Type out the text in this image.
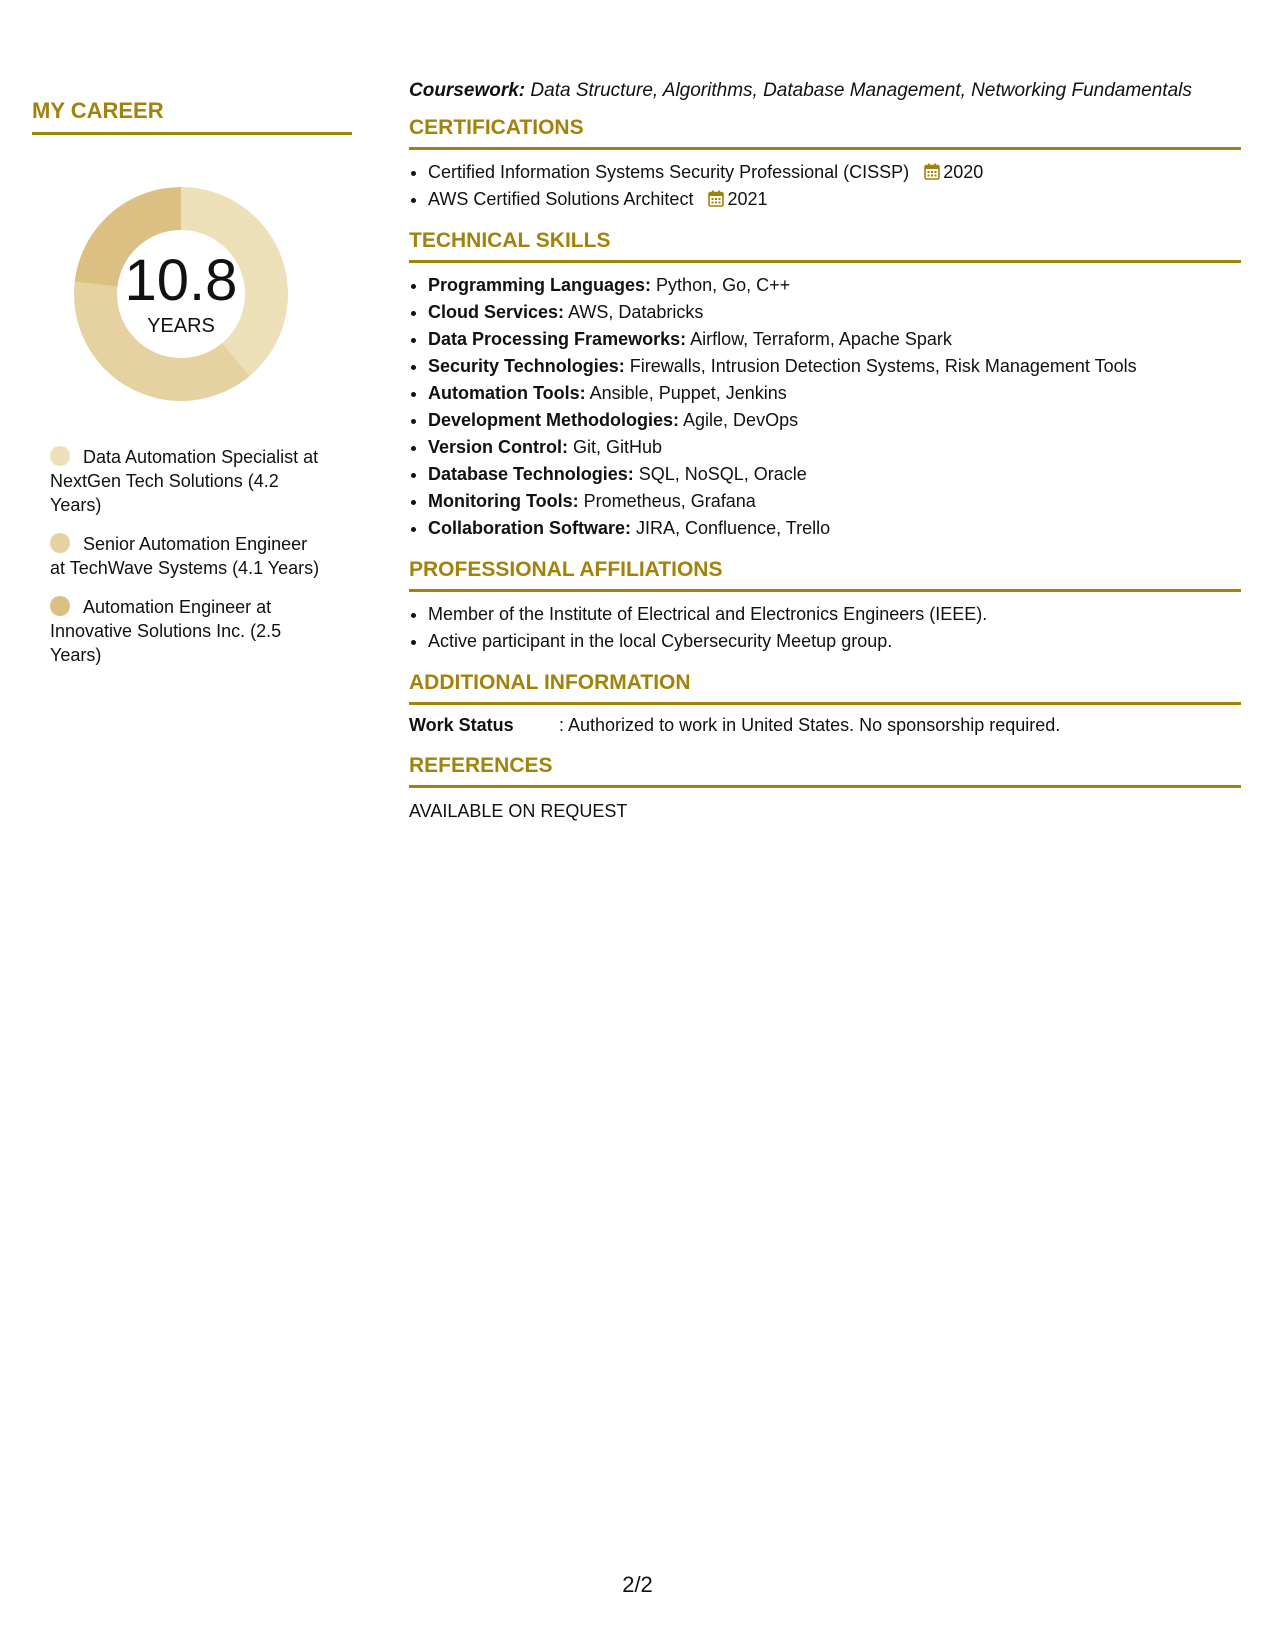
MY CAREER
10.8
YEARS
Data Automation Specialist at NextGen Tech Solutions (4.2 Years)
Senior Automation Engineer at TechWave Systems (4.1 Years)
Automation Engineer at Innovative Solutions Inc. (2.5 Years)

Coursework: Data Structure, Algorithms, Database Management, Networking Fundamentals

CERTIFICATIONS
• Certified Information Systems Security Professional (CISSP) 2020
• AWS Certified Solutions Architect 2021
TECHNICAL SKILLS
• Programming Languages: Python, Go, C++
• Cloud Services: AWS, Databricks
• Data Processing Frameworks: Airflow, Terraform, Apache Spark
• Security Technologies: Firewalls, Intrusion Detection Systems, Risk Management Tools
• Automation Tools: Ansible, Puppet, Jenkins
• Development Methodologies: Agile, DevOps
• Version Control: Git, GitHub
• Database Technologies: SQL, NoSQL, Oracle
• Monitoring Tools: Prometheus, Grafana
• Collaboration Software: JIRA, Confluence, Trello
PROFESSIONAL AFFILIATIONS
• Member of the Institute of Electrical and Electronics Engineers (IEEE).
• Active participant in the local Cybersecurity Meetup group.
ADDITIONAL INFORMATION
Work Status	: Authorized to work in United States. No sponsorship required.
REFERENCES

AVAILABLE ON REQUEST

2/2
